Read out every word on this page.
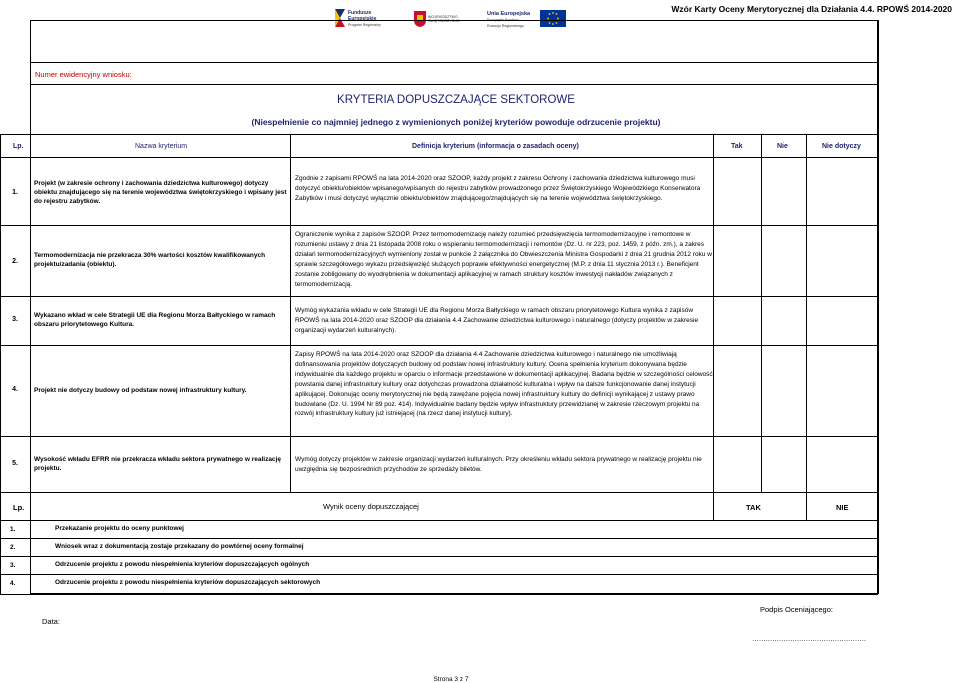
Wzór Karty Oceny Merytorycznej dla Działania 4.4. RPOWŚ 2014-2020
Fundusze
Europejskie
Program Regionalny
WOJEWÓDZTWO
ŚWIĘTOKRZYSKIE
Unia Europejska
Europejski Fundusz
Rozwoju Regionalnego
Numer ewidencyjny wniosku:
KRYTERIA DOPUSZCZAJĄCE SEKTOROWE
(Niespełnienie co najmniej jednego z wymienionych poniżej kryteriów powoduje odrzucenie projektu)
Lp.	Nazwa kryterium	Definicja kryterium (informacja o zasadach oceny)	Tak	Nie	Nie dotyczy
1.
Projekt (w zakresie ochrony i zachowania dziedzictwa kulturowego) dotyczy obiektu znajdującego się na terenie województwa świętokrzyskiego i wpisany jest do rejestru zabytków.
Zgodnie z zapisami RPOWŚ na lata 2014-2020 oraz SZOOP, każdy projekt z zakresu Ochrony i zachowania dziedzictwa kulturowego musi dotyczyć obiektu/obiektów wpisanego/wpisanych do rejestru zabytków prowadzonego przez Świętokrzyskiego Wojewódzkiego Konserwatora Zabytków i musi dotyczyć wyłącznie obiektu/obiektów znajdującego/znajdujących się na terenie województwa świętokrzyskiego.
2.
Termomodernizacja nie przekracza 30% wartości kosztów kwalifikowanych projektu/zadania (obiektu).
Ograniczenie wynika z zapisów SZOOP. Przez termomodernizację należy rozumieć przedsięwzięcia termomodernizacyjne i remontowe w rozumieniu ustawy z dnia 21 listopada 2008 roku o wspieraniu termomodernizacji i remontów (Dz. U. nr 223, poz. 1459, z późn. zm.), a zakres działań termomodernizacyjnych wymieniony został w punkcie 2 załącznika do Obwieszczenia Ministra Gospodarki z dnia 21 grudnia 2012 roku w sprawie szczegółowego wykazu przedsięwzięć służących poprawie efektywności energetycznej (M.P. z dnia 11 stycznia 2013 r.). Beneficjent zostanie zobligowany do wyodrębnienia w dokumentacji aplikacyjnej w ramach struktury kosztów inwestycji nakładów związanych z termomodernizacją.
3.
Wykazano wkład w cele Strategii UE dla Regionu Morza Bałtyckiego w ramach obszaru priorytetowego Kultura.
Wymóg wykazania wkładu w cele Strategii UE dla Regionu Morza Bałtyckiego w ramach obszaru priorytetowego Kultura wynika z zapisów RPOWŚ na lata 2014-2020 oraz SZOOP dla działania 4.4 Zachowanie dziedzictwa kulturowego i naturalnego (dotyczy projektów w zakresie organizacji wydarzeń kulturalnych).
4.	Projekt nie dotyczy budowy od podstaw nowej infrastruktury kultury.
Zapisy RPOWŚ na lata 2014-2020 oraz SZOOP dla działania 4.4 Zachowanie dziedzictwa kulturowego i naturalnego nie umożliwiają dofinansowania projektów dotyczących budowy od podstaw nowej infrastruktury kultury. Ocena spełnienia kryterium dokonywana będzie indywidualnie dla każdego projektu w oparciu o informacje przedstawione w dokumentacji aplikacyjnej. Badana będzie w szczególności celowość powstania danej infrastruktury kultury oraz dotychczas prowadzona działalność kulturalna i wpływ na dalsze funkcjonowanie danej instytucji aplikującej. Dokonując oceny merytorycznej nie będą zawężane pojęcia nowej infrastruktury kultury do definicji wynikającej z ustawy prawo budowlane (Dz. U. 1994 Nr 89 poz. 414). Indywidualnie badany będzie wpływ infrastruktury przewidzianej w zakresie rzeczowym projektu na rozwój infrastruktury kultury już istniejącej (na rzecz danej instytucji kultury).
5.
Wysokość wkładu EFRR nie przekracza wkładu sektora prywatnego w realizację projektu.
Wymóg dotyczy projektów w zakresie organizacji wydarzeń kulturalnych. Przy określeniu wkładu sektora prywatnego w realizację projektu nie uwzględnia się bezpośrednich przychodów ze sprzedaży biletów.
Lp.	Wynik oceny dopuszczającej	TAK	NIE
1.	Przekazanie projektu do oceny punktowej
2.	Wniosek wraz z dokumentacją zostaje przekazany do powtórnej oceny formalnej
3.	Odrzucenie projektu z powodu niespełnienia kryteriów dopuszczających ogólnych
4.	Odrzucenie projektu z powodu niespełnienia kryteriów dopuszczających sektorowych
Data:
Podpis Oceniającego:
……………………………………………
Strona 3 z 7
